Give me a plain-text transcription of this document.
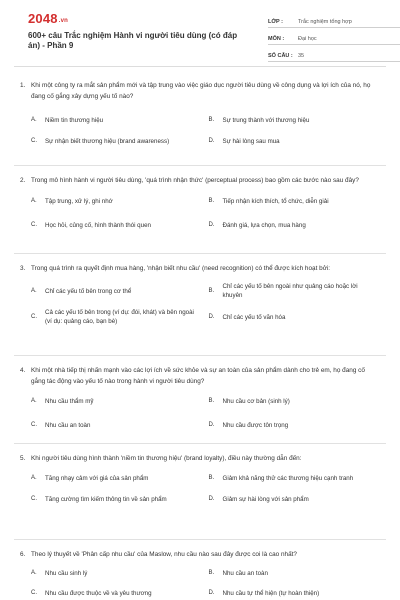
2048.vn
600+ câu Trắc nghiệm Hành vi người tiêu dùng (có đáp án) - Phần 9
LỚP :	Trắc nghiệm tổng hợp
MÔN :	Đại học
SỐ CÂU : 35
1. Khi một công ty ra mắt sản phẩm mới và tập trung vào việc giáo dục người tiêu dùng về công dụng và lợi ích của nó, họ đang cố gắng xây dựng yếu tố nào?
A.	Niềm tin thương hiệu	B.	Sự trung thành với thương hiệu
C.	Sự nhận biết thương hiệu (brand awareness)	D.	Sự hài lòng sau mua
2. Trong mô hình hành vi người tiêu dùng, 'quá trình nhận thức' (perceptual process) bao gồm các bước nào sau đây?
A.	Tập trung, xử lý, ghi nhớ	B.	Tiếp nhận kích thích, tổ chức, diễn giải
C.	Học hỏi, củng cố, hình thành thói quen	D.	Đánh giá, lựa chọn, mua hàng
3. Trong quá trình ra quyết định mua hàng, 'nhận biết nhu cầu' (need recognition) có thể được kích hoạt bởi:
A.	Chỉ các yếu tố bên trong cơ thể	B.
Chỉ các yếu tố bên ngoài như quảng cáo hoặc lời khuyên
C.
Cả các yếu tố bên trong (ví dụ: đói, khát) và bên ngoài (ví dụ: quảng cáo, bạn bè)
D.	Chỉ các yếu tố văn hóa
4. Khi một nhà tiếp thị nhấn mạnh vào các lợi ích về sức khỏe và sự an toàn của sản phẩm dành cho trẻ em, họ đang cố gắng tác động vào yếu tố nào trong hành vi người tiêu dùng?
A.	Nhu cầu thẩm mỹ	B.	Nhu cầu cơ bản (sinh lý)
C.	Nhu cầu an toàn	D.	Nhu cầu được tôn trọng
5. Khi người tiêu dùng hình thành 'niềm tin thương hiệu' (brand loyalty), điều này thường dẫn đến:
A.	Tăng nhạy cảm với giá của sản phẩm	B.	Giảm khả năng thử các thương hiệu cạnh tranh
C.	Tăng cường tìm kiếm thông tin về sản phẩm	D.	Giảm sự hài lòng với sản phẩm
6. Theo lý thuyết về 'Phân cấp nhu cầu' của Maslow, nhu cầu nào sau đây được coi là cao nhất?
A.	Nhu cầu sinh lý	B.	Nhu cầu an toàn
C.	Nhu cầu được thuộc về và yêu thương	D.	Nhu cầu tự thể hiện (tự hoàn thiện)
